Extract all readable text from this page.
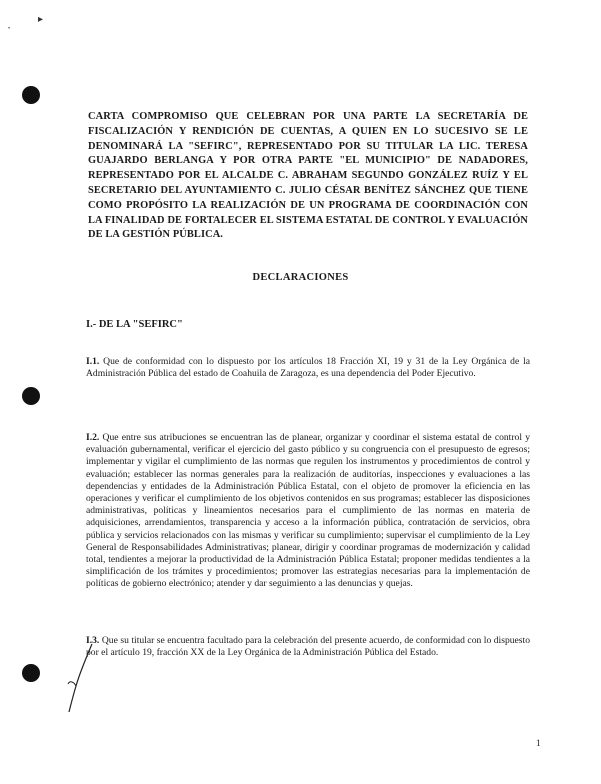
▸
•
CARTA COMPROMISO QUE CELEBRAN POR UNA PARTE LA SECRETARÍA DE FISCALIZACIÓN Y RENDICIÓN DE CUENTAS, A QUIEN EN LO SUCESIVO SE LE DENOMINARÁ LA "SEFIRC", REPRESENTADO POR SU TITULAR LA LIC. TERESA GUAJARDO BERLANGA Y POR OTRA PARTE "EL MUNICIPIO" DE NADADORES, REPRESENTADO POR EL ALCALDE C. ABRAHAM SEGUNDO GONZÁLEZ RUÍZ Y EL SECRETARIO DEL AYUNTAMIENTO C. JULIO CÉSAR BENÍTEZ SÁNCHEZ QUE TIENE COMO PROPÓSITO LA REALIZACIÓN DE UN PROGRAMA DE COORDINACIÓN CON LA FINALIDAD DE FORTALECER EL SISTEMA ESTATAL DE CONTROL Y EVALUACIÓN DE LA GESTIÓN PÚBLICA.
DECLARACIONES
I.- DE LA "SEFIRC"
I.1. Que de conformidad con lo dispuesto por los artículos 18 Fracción XI, 19 y 31 de la Ley Orgánica de la Administración Pública del estado de Coahuila de Zaragoza, es una dependencia del Poder Ejecutivo.
I.2. Que entre sus atribuciones se encuentran las de planear, organizar y coordinar el sistema estatal de control y evaluación gubernamental, verificar el ejercicio del gasto público y su congruencia con el presupuesto de egresos; implementar y vigilar el cumplimiento de las normas que regulen los instrumentos y procedimientos de control y evaluación; establecer las normas generales para la realización de auditorías, inspecciones y evaluaciones a las dependencias y entidades de la Administración Pública Estatal, con el objeto de promover la eficiencia en las operaciones y verificar el cumplimiento de los objetivos contenidos en sus programas; establecer las disposiciones administrativas, políticas y lineamientos necesarios para el cumplimiento de las normas en materia de adquisiciones, arrendamientos, transparencia y acceso a la información pública, contratación de servicios, obra pública y servicios relacionados con las mismas y verificar su cumplimiento; supervisar el cumplimiento de la Ley General de Responsabilidades Administrativas; planear, dirigir y coordinar programas de modernización y calidad total, tendientes a mejorar la productividad de la Administración Pública Estatal; proponer medidas tendientes a la simplificación de los trámites y procedimientos; promover las estrategias necesarias para la implementación de políticas de gobierno electrónico; atender y dar seguimiento a las denuncias y quejas.
I.3. Que su titular se encuentra facultado para la celebración del presente acuerdo, de conformidad con lo dispuesto por el artículo 19, fracción XX de la Ley Orgánica de la Administración Pública del Estado.
1
